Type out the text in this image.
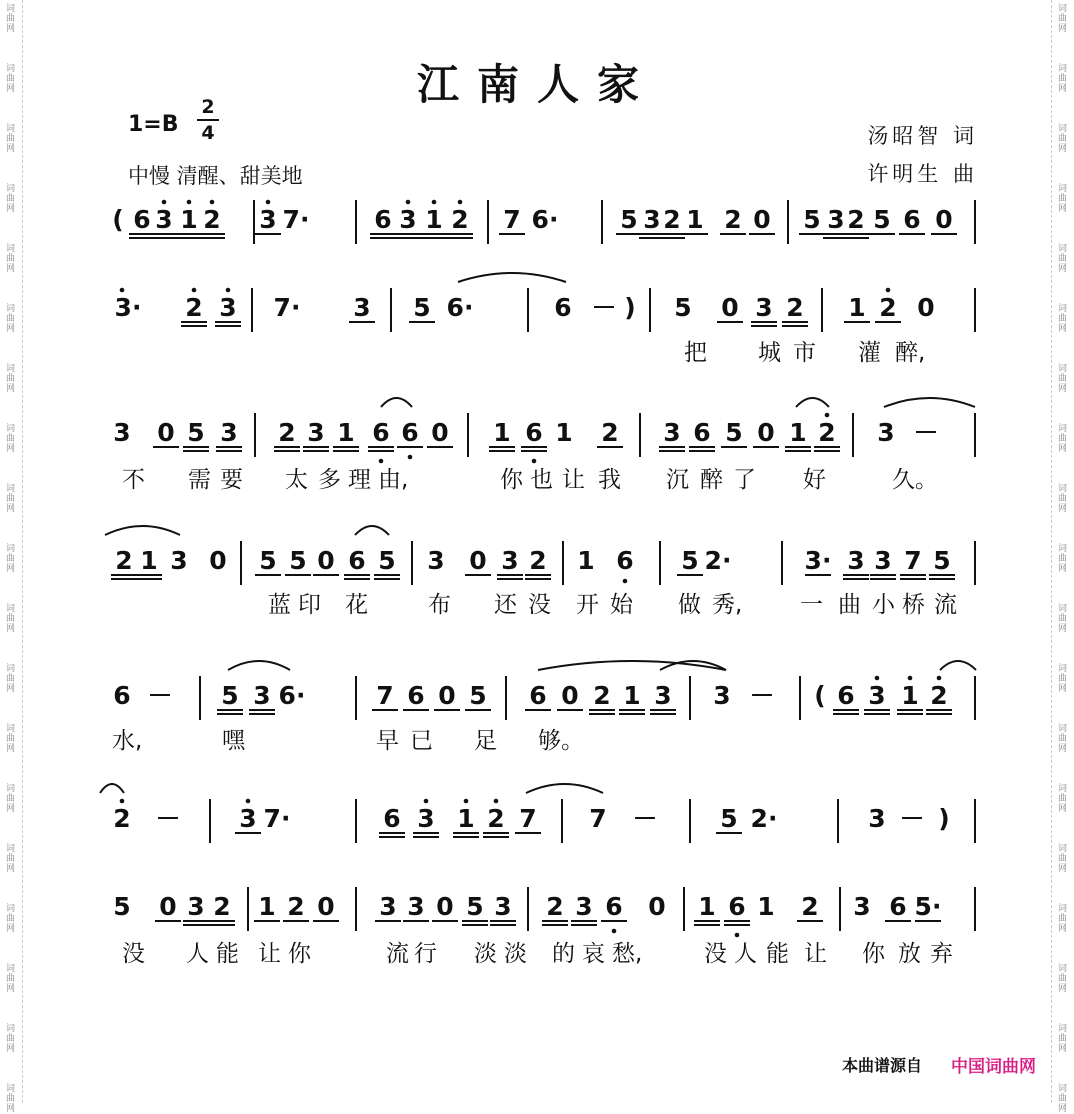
词曲网
词曲网
词曲网
词曲网
词曲网
词曲网
词曲网
词曲网
词曲网
词曲网
词曲网
词曲网
词曲网
词曲网
词曲网
词曲网
词曲网
词曲网
词曲网
词曲网
词曲网
词曲网
词曲网
词曲网
词曲网
词曲网
词曲网
词曲网
词曲网
词曲网
词曲网
词曲网
词曲网
词曲网
词曲网
词曲网
词曲网
词曲网
江南人家
1=B
2
4
中慢 清醒、甜美地
汤昭智 词
许明生 曲
( 6 3 1 2 3 7·	6 3 1 2 7 6· 5 3 2 1 2 0 5 3 2 5 6 0
3· 2 3 7· 3 5 6·	6 － ) 5 0 3 2 1 2 0
把 城 市 灌 醉,
3 0 5 3 2 3 1 6 6 0 1 6 1 2 3 6 5 0 1 2 3 －
不 需 要 太 多 理 由,	你 也 让 我 沉 醉 了 好	久。
2 1 3 0 5 5 0 6 5 3 0 3 2 1 6 5 2·	3· 3 3 7 5
蓝 印 花	布 还 没 开 始 做 秀,	一 曲 小 桥 流
6 － 5 3 6·	7 6 0 5 6 0 2 1 3 3 － ( 6 3 1 2
水,	嘿	早 已 足 够。
2 － 3 7·	6 3 1 2 7 7 －	5 2·	3 － )
5 0 3 2 1 2 0 3 3 0 5 3 2 3 6 0 1 6 1 2 3 6 5·
没 人 能 让 你	流 行 淡 淡 的 哀 愁,	没 人 能 让 你 放 弃
本曲谱源自 中国词曲网
